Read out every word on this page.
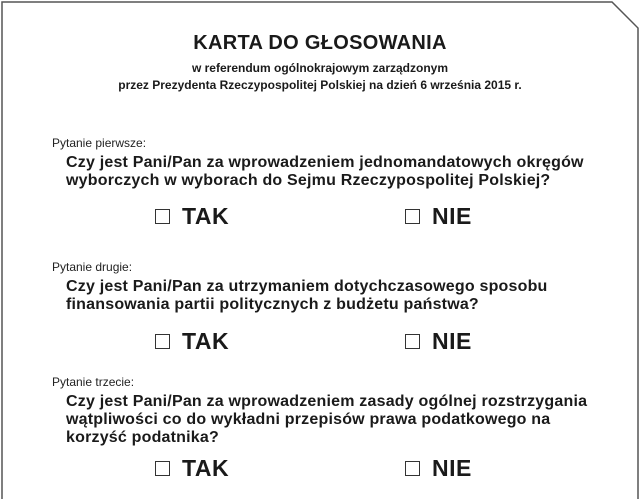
KARTA DO GŁOSOWANIA
w referendum ogólnokrajowym zarządzonym
przez Prezydenta Rzeczypospolitej Polskiej na dzień 6 września 2015 r.
Pytanie pierwsze:
Czy jest Pani/Pan za wprowadzeniem jednomandatowych okręgów
wyborczych w wyborach do Sejmu Rzeczypospolitej Polskiej?
TAK	NIE
Pytanie drugie:
Czy jest Pani/Pan za utrzymaniem dotychczasowego sposobu
finansowania partii politycznych z budżetu państwa?
TAK	NIE
Pytanie trzecie:
Czy jest Pani/Pan za wprowadzeniem zasady ogólnej rozstrzygania
wątpliwości co do wykładni przepisów prawa podatkowego na
korzyść podatnika?
TAK	NIE
